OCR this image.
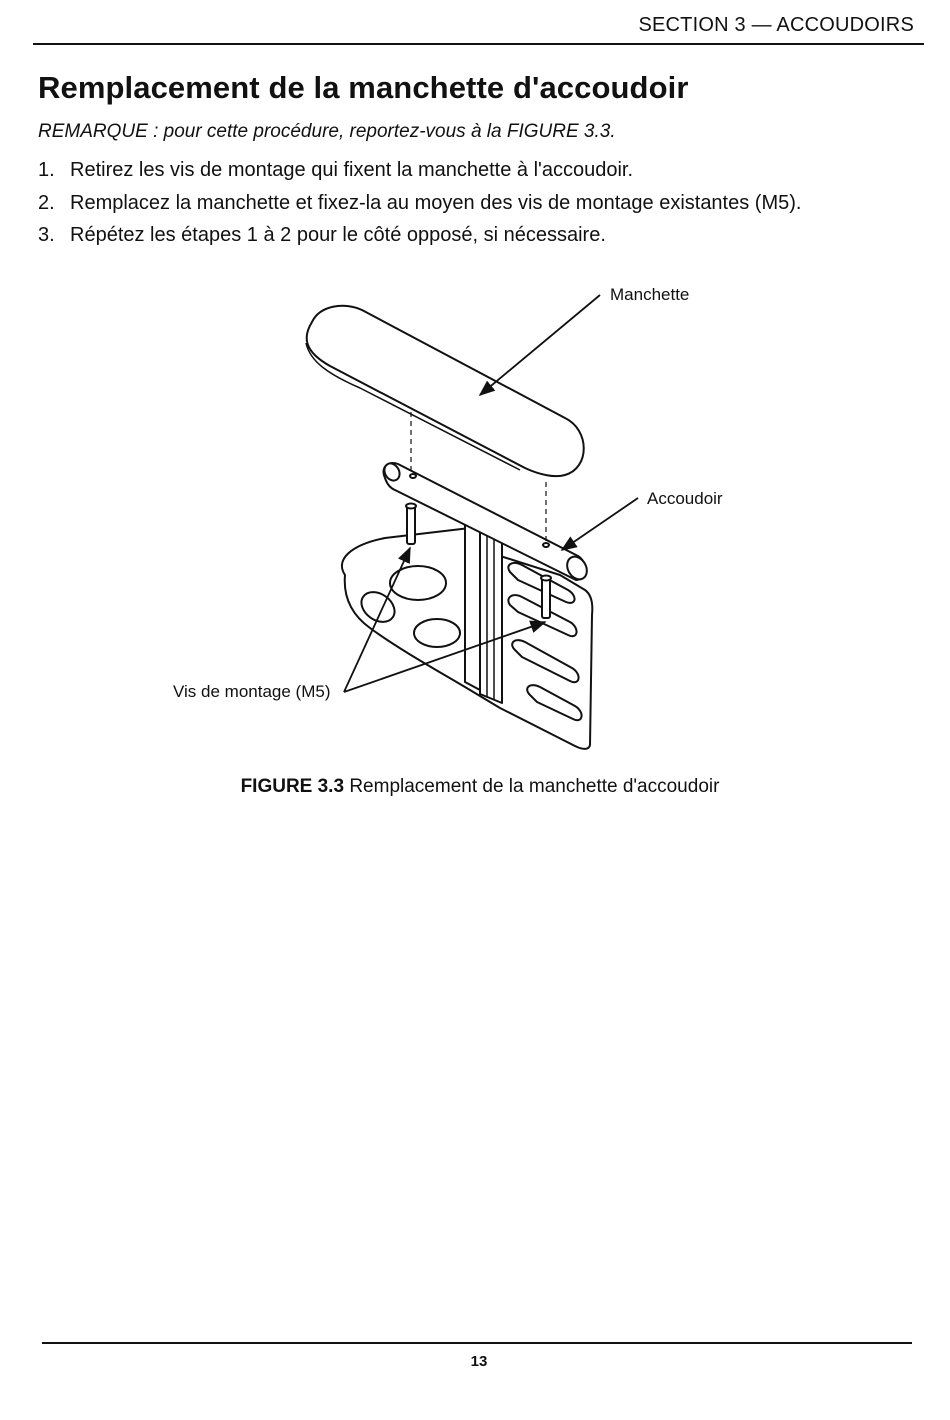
SECTION 3 — ACCOUDOIRS
Remplacement de la manchette d'accoudoir
REMARQUE : pour cette procédure, reportez-vous à la FIGURE 3.3.
1. Retirez les vis de montage qui fixent la manchette à l'accoudoir.
2. Remplacez la manchette et fixez-la au moyen des vis de montage existantes (M5).
3. Répétez les étapes 1 à 2 pour le côté opposé, si nécessaire.
Manchette
Accoudoir
Vis de montage (M5)
FIGURE 3.3 Remplacement de la manchette d'accoudoir
13
